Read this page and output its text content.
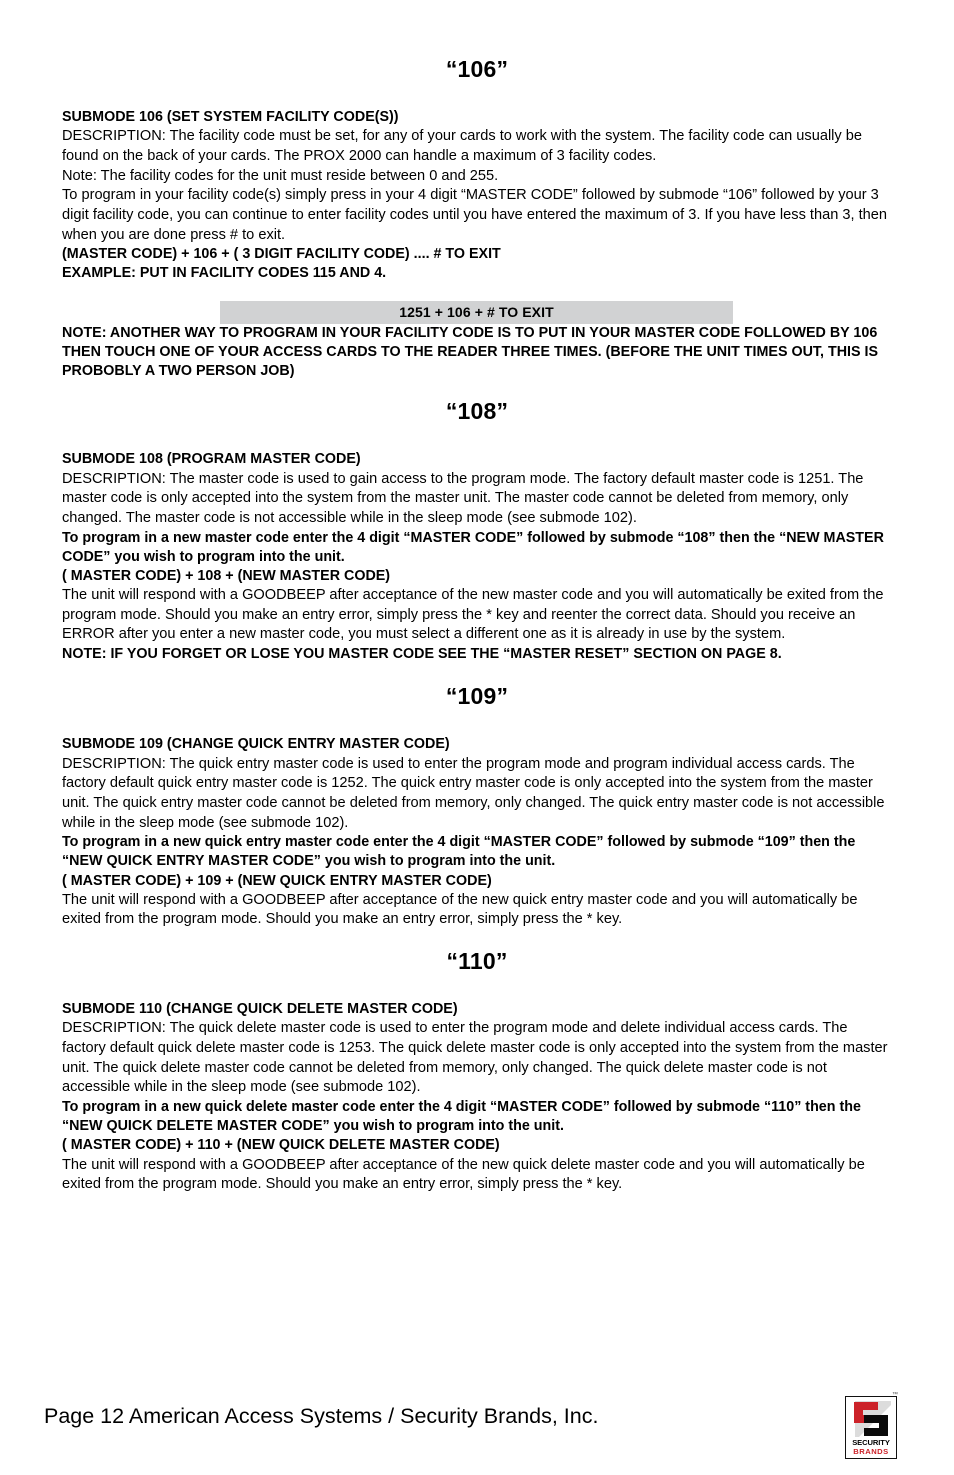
“106”
SUBMODE 106 (SET SYSTEM FACILITY CODE(S))
DESCRIPTION: The facility code must be set, for any of your cards to work with the system. The facility code can usually be found on the back of your cards. The PROX 2000 can handle a maximum of 3 facility codes.
Note: The facility codes for the unit must reside between 0 and 255.
To program in your facility code(s) simply press in your 4 digit “MASTER CODE” followed by submode “106” followed by your 3 digit facility code, you can continue to enter facility codes until you have entered the maximum of 3. If you have less than 3, then when you are done press # to exit.
(MASTER CODE) + 106 + ( 3 DIGIT FACILITY CODE) .... # TO EXIT
EXAMPLE: PUT IN FACILITY CODES 115 AND 4.
1251 + 106 + # TO EXIT
NOTE: ANOTHER WAY TO PROGRAM IN YOUR FACILITY CODE IS TO PUT IN YOUR MASTER CODE FOLLOWED BY 106 THEN TOUCH ONE OF YOUR ACCESS CARDS TO THE READER THREE TIMES. (BEFORE THE UNIT TIMES OUT, THIS IS PROBOBLY A TWO PERSON JOB)
“108”
SUBMODE 108 (PROGRAM MASTER CODE)
DESCRIPTION: The master code is used to gain access to the program mode. The factory default master code is 1251. The master code is only accepted into the system from the master unit. The master code cannot be deleted from memory, only changed. The master code is not accessible while in the sleep mode (see submode 102).
To program in a new master code enter the 4 digit “MASTER CODE” followed by submode “108” then the “NEW MASTER CODE” you wish to program into the unit.
( MASTER CODE) + 108 + (NEW MASTER CODE)
The unit will respond with a GOODBEEP after acceptance of the new master code and you will automatically be exited from the program mode. Should you make an entry error, simply press the * key and reenter the correct data. Should you receive an ERROR after you enter a new master code, you must select a different one as it is already in use by the system.
NOTE: IF YOU FORGET OR LOSE YOU MASTER CODE SEE THE “MASTER RESET” SECTION ON PAGE 8.
“109”
SUBMODE 109 (CHANGE QUICK ENTRY MASTER CODE)
DESCRIPTION: The quick entry master code is used to enter the program mode and program individual access cards. The factory default quick entry master code is 1252. The quick entry master code is only accepted into the system from the master unit. The quick entry master code cannot be deleted from memory, only changed. The quick entry master code is not accessible while in the sleep mode (see submode 102).
To program in a new quick entry master code enter the 4 digit “MASTER CODE” followed by submode “109” then the “NEW QUICK ENTRY MASTER CODE” you wish to program into the unit.
( MASTER CODE) + 109 + (NEW QUICK ENTRY MASTER CODE)
The unit will respond with a GOODBEEP after acceptance of the new quick entry master code and you will automatically be exited from the program mode. Should you make an entry error, simply press the * key.
“110”
SUBMODE 110 (CHANGE QUICK DELETE MASTER CODE)
DESCRIPTION: The quick delete master code is used to enter the program mode and delete individual access cards. The factory default quick delete master code is 1253. The quick delete master code is only accepted into the system from the master unit. The quick delete master code cannot be deleted from memory, only changed. The quick delete master code is not accessible while in the sleep mode (see submode 102).
To program in a new quick delete master code enter the 4 digit “MASTER CODE” followed by submode “110” then the “NEW QUICK DELETE MASTER CODE” you wish to program into the unit.
( MASTER CODE) + 110 + (NEW QUICK DELETE MASTER CODE)
The unit will respond with a GOODBEEP after acceptance of the new quick delete master code and you will automatically be exited from the program mode. Should you make an entry error, simply press the * key.
Page 12 American Access Systems / Security Brands, Inc.
™
SECURITY
BRANDS
